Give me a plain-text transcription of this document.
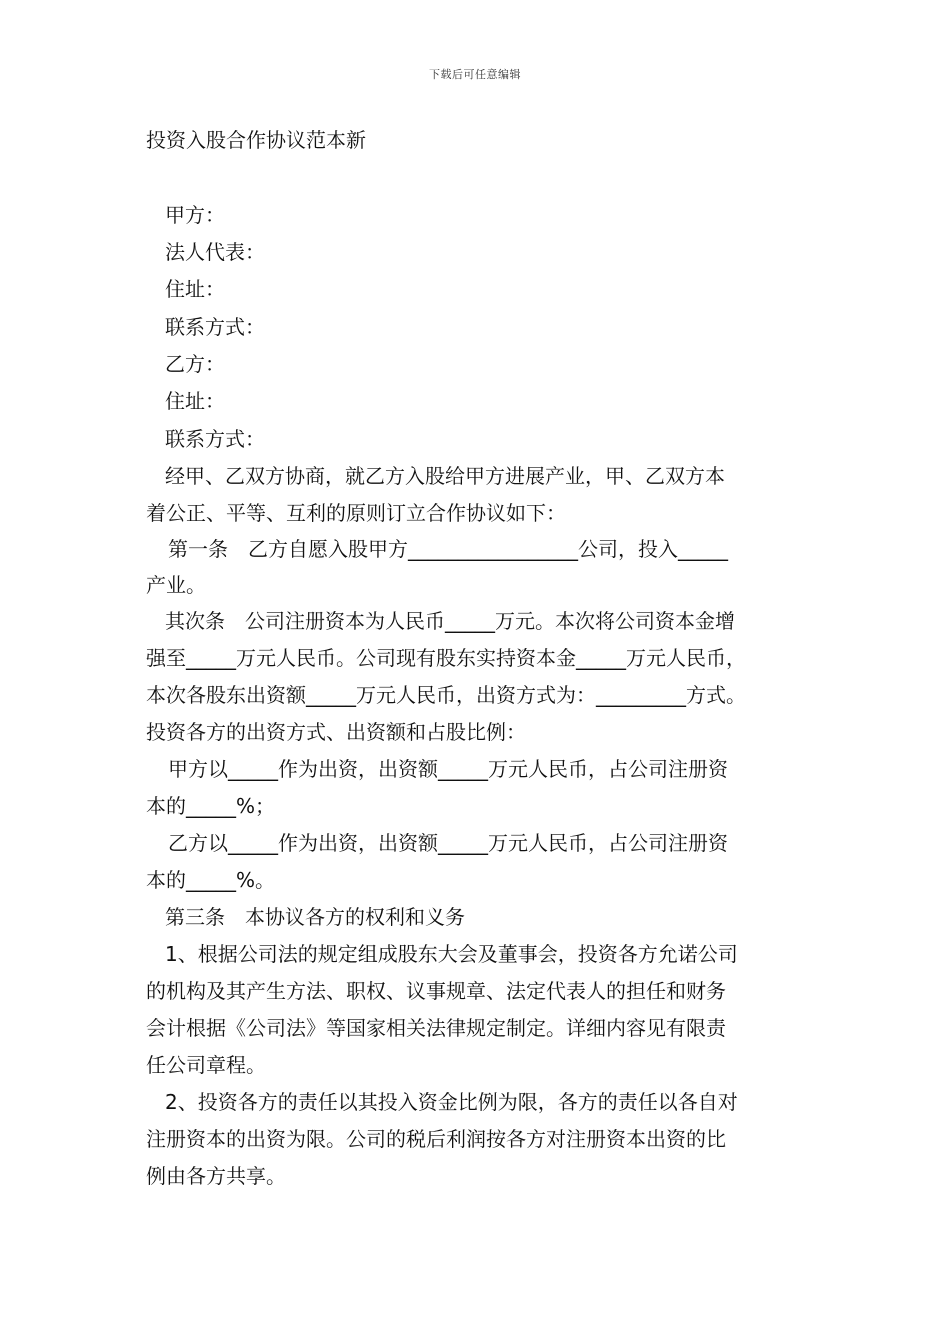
下载后可任意编辑
投资入股合作协议范本新
甲方：
法人代表：
住址：
联系方式：
乙方：
住址：
联系方式：
经甲、乙双方协商，就乙方入股给甲方进展产业，甲、乙双方本
着公正、平等、互利的原则订立合作协议如下：
第一条　乙方自愿入股甲方_________________公司，投入_____
产业。
其次条　公司注册资本为人民币_____万元。本次将公司资本金增
强至_____万元人民币。公司现有股东实持资本金_____万元人民币，
本次各股东出资额_____万元人民币，出资方式为：_________方式。
投资各方的出资方式、出资额和占股比例：
甲方以_____作为出资，出资额_____万元人民币，占公司注册资
本的_____%；
乙方以_____作为出资，出资额_____万元人民币，占公司注册资
本的_____%。
第三条　本协议各方的权利和义务
1、根据公司法的规定组成股东大会及董事会，投资各方允诺公司
的机构及其产生方法、职权、议事规章、法定代表人的担任和财务
会计根据《公司法》等国家相关法律规定制定。详细内容见有限责
任公司章程。
2、投资各方的责任以其投入资金比例为限，各方的责任以各自对
注册资本的出资为限。公司的税后利润按各方对注册资本出资的比
例由各方共享。
